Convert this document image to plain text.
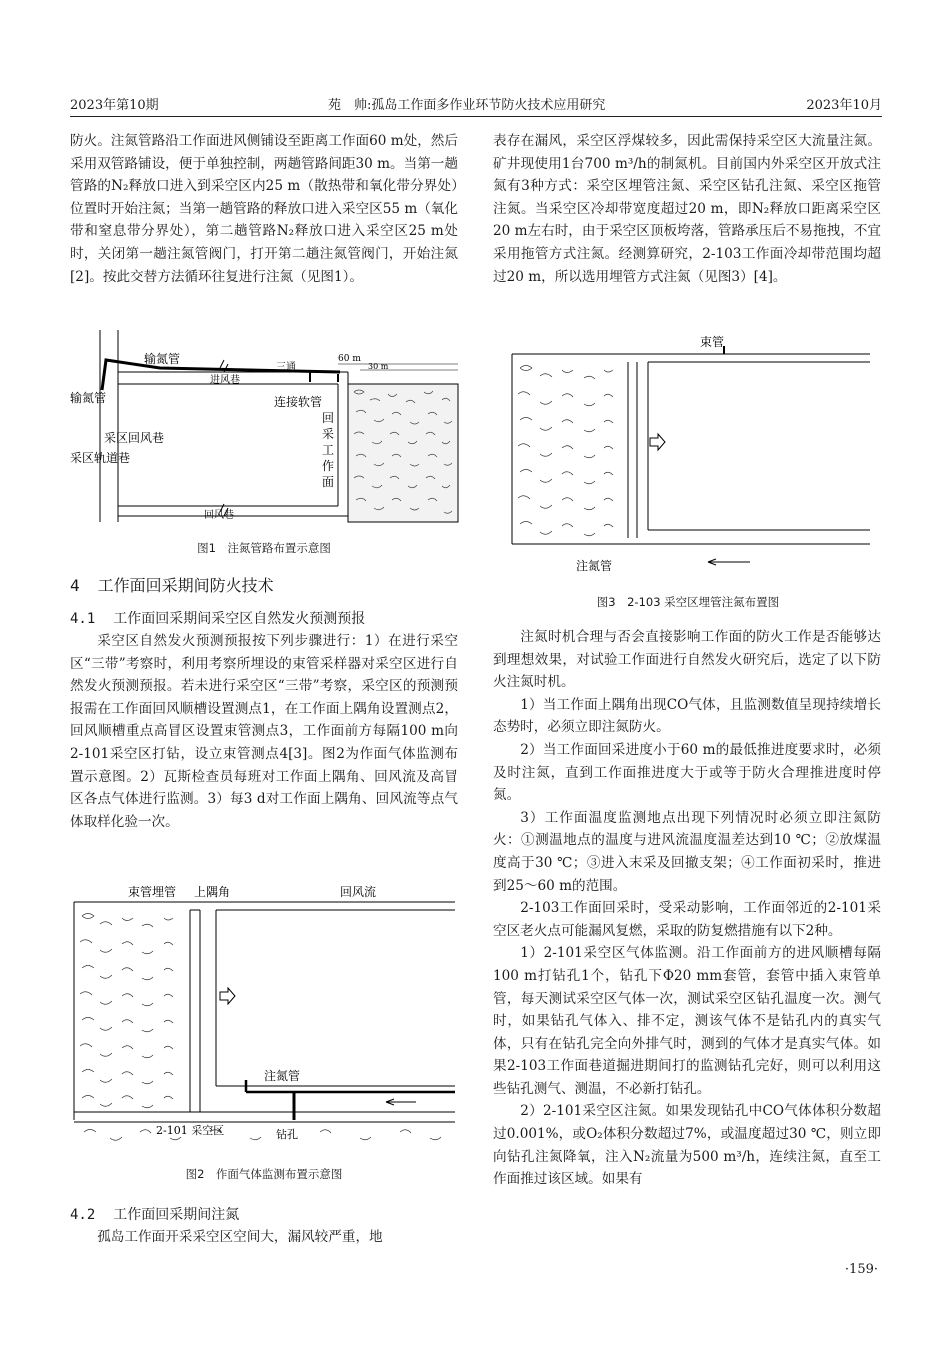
2023年第10期	苑　帅:孤岛工作面多作业环节防火技术应用研究	2023年10月

防火。注氮管路沿工作面进风侧铺设至距离工作面60 m处，然后采用双管路铺设，便于单独控制，两趟管路间距30 m。当第一趟管路的N₂释放口进入到采空区内25 m（散热带和氧化带分界处）位置时开始注氮；当第一趟管路的释放口进入采空区55 m（氧化带和窒息带分界处），第二趟管路N₂释放口进入采空区25 m处时，关闭第一趟注氮管阀门，打开第二趟注氮管阀门，开始注氮[2]。按此交替方法循环往复进行注氮（见图1）。

输氮管
进风巷
输氮管
采区回风巷
采区轨道巷
三通
60 m
30 m
连接软管
回风巷
回
采
工
作
面
图1　注氮管路布置示意图
4 工作面回采期间防火技术
4.1 工作面回采期间采空区自然发火预测预报

采空区自然发火预测预报按下列步骤进行：1）在进行采空区“三带”考察时，利用考察所埋设的束管采样器对采空区进行自然发火预测预报。若未进行采空区“三带”考察，采空区的预测预报需在工作面回风顺槽设置测点1，在工作面上隅角设置测点2，回风顺槽重点高冒区设置束管测点3，工作面前方每隔100 m向2-101采空区打钻，设立束管测点4[3]。图2为作面气体监测布置示意图。2）瓦斯检查员每班对工作面上隅角、回风流及高冒区各点气体进行监测。3）每3 d对工作面上隅角、回风流等点气体取样化验一次。

束管埋管 上隅角	回风流
注氮管
2-101 采空区	钻孔
图2　作面气体监测布置示意图
4.2 工作面回采期间注氮

孤岛工作面开采采空区空间大，漏风较严重，地

表存在漏风，采空区浮煤较多，因此需保持采空区大流量注氮。矿井现使用1台700 m³/h的制氮机。目前国内外采空区开放式注氮有3种方式：采空区埋管注氮、采空区钻孔注氮、采空区拖管注氮。当采空区冷却带宽度超过20 m，即N₂释放口距离采空区20 m左右时，由于采空区顶板垮落，管路承压后不易拖拽，不宜采用拖管方式注氮。经测算研究，2-103工作面冷却带范围均超过20 m，所以选用埋管方式注氮（见图3）[4]。

束管
注氮管
图3　2-103 采空区埋管注氮布置图

注氮时机合理与否会直接影响工作面的防火工作是否能够达到理想效果，对试验工作面进行自然发火研究后，选定了以下防火注氮时机。

1）当工作面上隅角出现CO气体，且监测数值呈现持续增长态势时，必须立即注氮防火。

2）当工作面回采进度小于60 m的最低推进度要求时，必须及时注氮，直到工作面推进度大于或等于防火合理推进度时停氮。

3）工作面温度监测地点出现下列情况时必须立即注氮防火：①测温地点的温度与进风流温度温差达到10 ℃；②放煤温度高于30 ℃；③进入末采及回撤支架；④工作面初采时，推进到25～60 m的范围。

2-103工作面回采时，受采动影响，工作面邻近的2-101采空区老火点可能漏风复燃，采取的防复燃措施有以下2种。

1）2-101采空区气体监测。沿工作面前方的进风顺槽每隔100 m打钻孔1个，钻孔下Φ20 mm套管，套管中插入束管单管，每天测试采空区气体一次，测试采空区钻孔温度一次。测气时，如果钻孔气体入、排不定，测该气体不是钻孔内的真实气体，只有在钻孔完全向外排气时，测到的气体才是真实气体。如果2-103工作面巷道掘进期间打的监测钻孔完好，则可以利用这些钻孔测气、测温，不必新打钻孔。

2）2-101采空区注氮。如果发现钻孔中CO气体体积分数超过0.001%，或O₂体积分数超过7%，或温度超过30 ℃，则立即向钻孔注氮降氧，注入N₂流量为500 m³/h，连续注氮，直至工作面推过该区域。如果有

·159·
